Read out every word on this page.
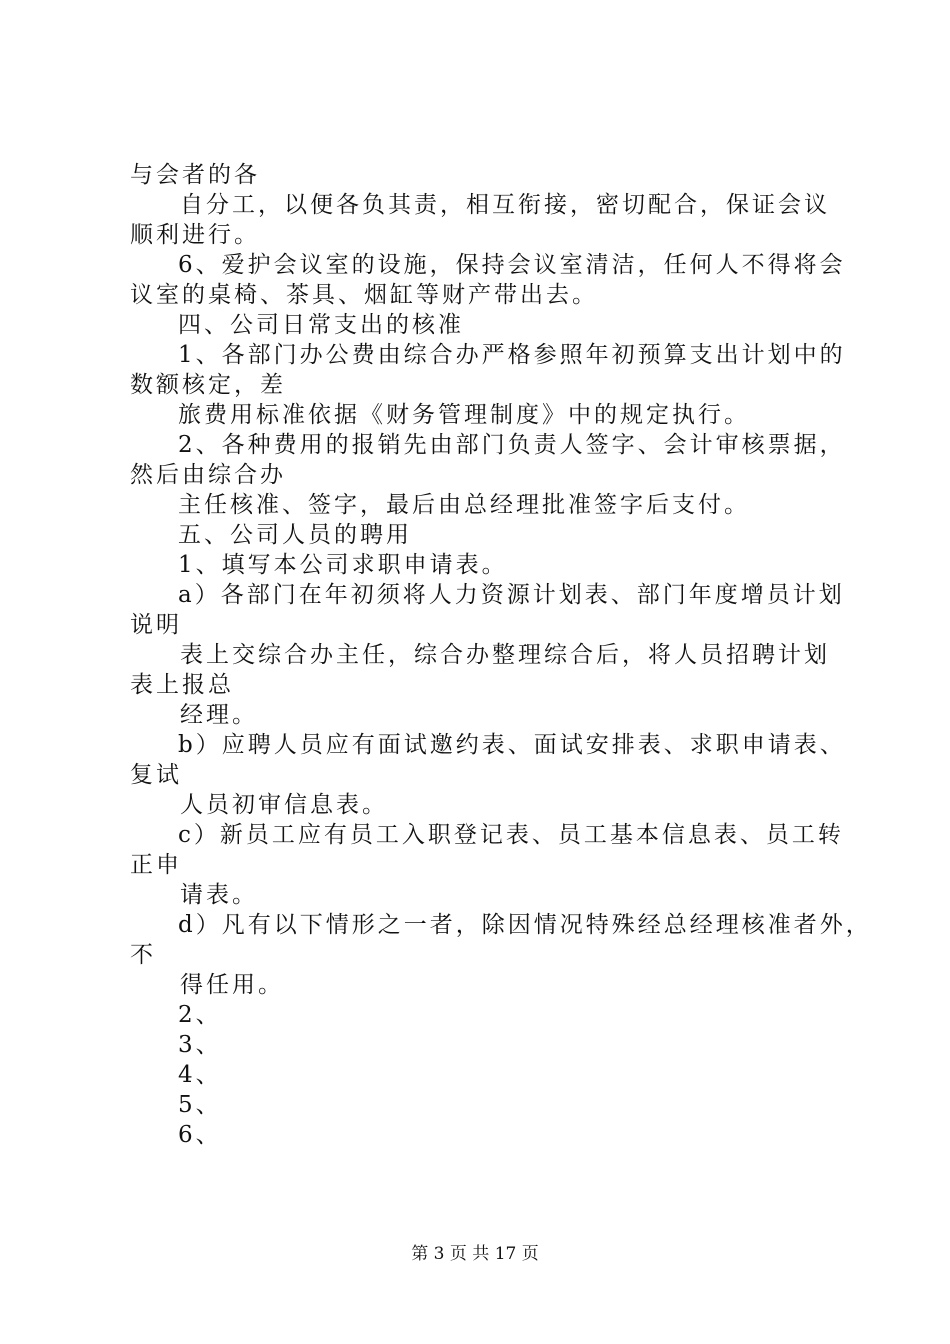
与会者的各
自分工，以便各负其责，相互衔接，密切配合，保证会议
顺利进行。
6、爱护会议室的设施，保持会议室清洁，任何人不得将会
议室的桌椅、茶具、烟缸等财产带出去。
四、公司日常支出的核准
1、各部门办公费由综合办严格参照年初预算支出计划中的
数额核定，差
旅费用标准依据《财务管理制度》中的规定执行。
2、各种费用的报销先由部门负责人签字、会计审核票据，
然后由综合办
主任核准、签字，最后由总经理批准签字后支付。
五、公司人员的聘用
1、填写本公司求职申请表。
a）各部门在年初须将人力资源计划表、部门年度增员计划
说明
表上交综合办主任，综合办整理综合后，将人员招聘计划
表上报总
经理。
b）应聘人员应有面试邀约表、面试安排表、求职申请表、
复试
人员初审信息表。
c）新员工应有员工入职登记表、员工基本信息表、员工转
正申
请表。
d）凡有以下情形之一者，除因情况特殊经总经理核准者外，
不
得任用。
2、
3、
4、
5、
6、
第 3 页 共 17 页
